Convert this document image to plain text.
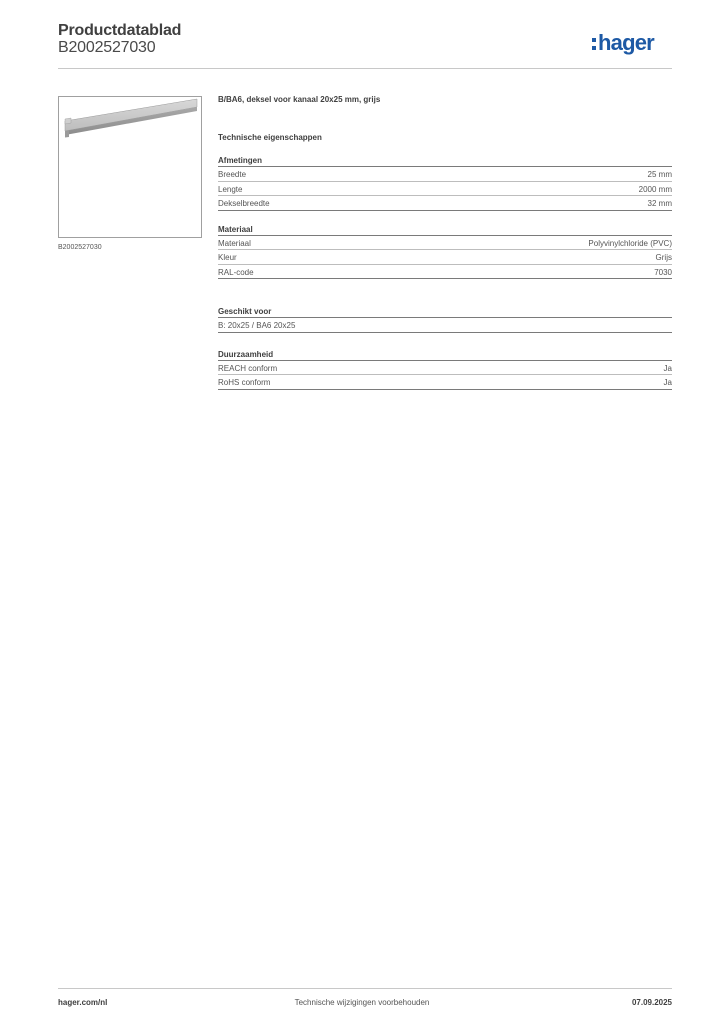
Productdatablad
B2002527030	hager
B2002527030
B/BA6, deksel voor kanaal 20x25 mm, grijs
Technische eigenschappen
Afmetingen
Breedte	25 mm
Lengte	2000 mm
Dekselbreedte	32 mm
Materiaal
Materiaal	Polyvinylchloride (PVC)
Kleur	Grijs
RAL-code	7030
Geschikt voor
B: 20x25 / BA6 20x25
Duurzaamheid
REACH conform	Ja
RoHS conform	Ja
hager.com/nl	Technische wijzigingen voorbehouden	07.09.2025
